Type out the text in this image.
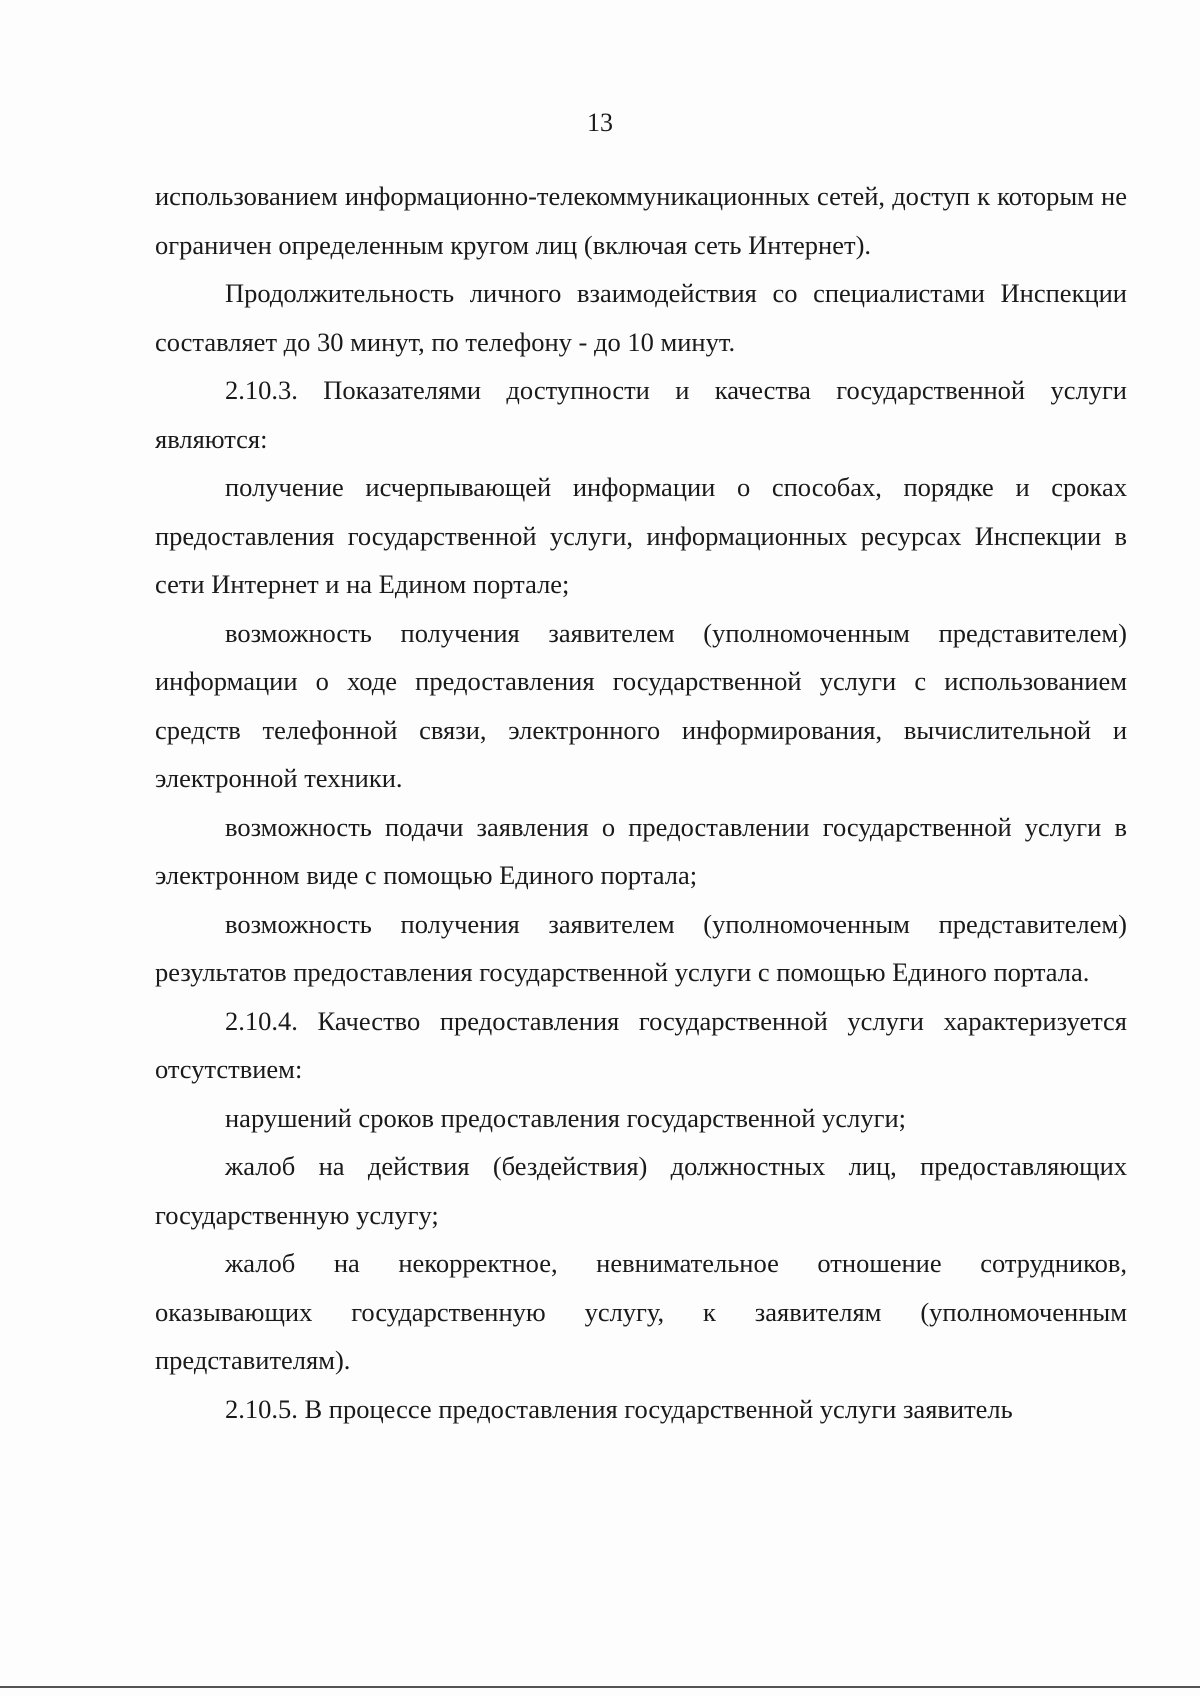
13

использованием информационно-телекоммуникационных сетей, доступ к которым не ограничен определенным кругом лиц (включая сеть Интернет).

Продолжительность личного взаимодействия со специалистами Инспекции составляет до 30 минут, по телефону - до 10 минут.

2.10.3. Показателями доступности и качества государственной услуги являются:

получение исчерпывающей информации о способах, порядке и сроках предоставления государственной услуги, информационных ресурсах Инспекции в сети Интернет и на Едином портале;

возможность получения заявителем (уполномоченным представителем) информации о ходе предоставления государственной услуги с использованием средств телефонной связи, электронного информирования, вычислительной и электронной техники.

возможность подачи заявления о предоставлении государственной услуги в электронном виде с помощью Единого портала;

возможность получения заявителем (уполномоченным представителем) результатов предоставления государственной услуги с помощью Единого портала.

2.10.4. Качество предоставления государственной услуги характеризуется отсутствием:

нарушений сроков предоставления государственной услуги;

жалоб на действия (бездействия) должностных лиц, предоставляющих государственную услугу;

жалоб на некорректное, невнимательное отношение сотрудников, оказывающих государственную услугу, к заявителям (уполномоченным представителям).

2.10.5. В процессе предоставления государственной услуги заявитель
